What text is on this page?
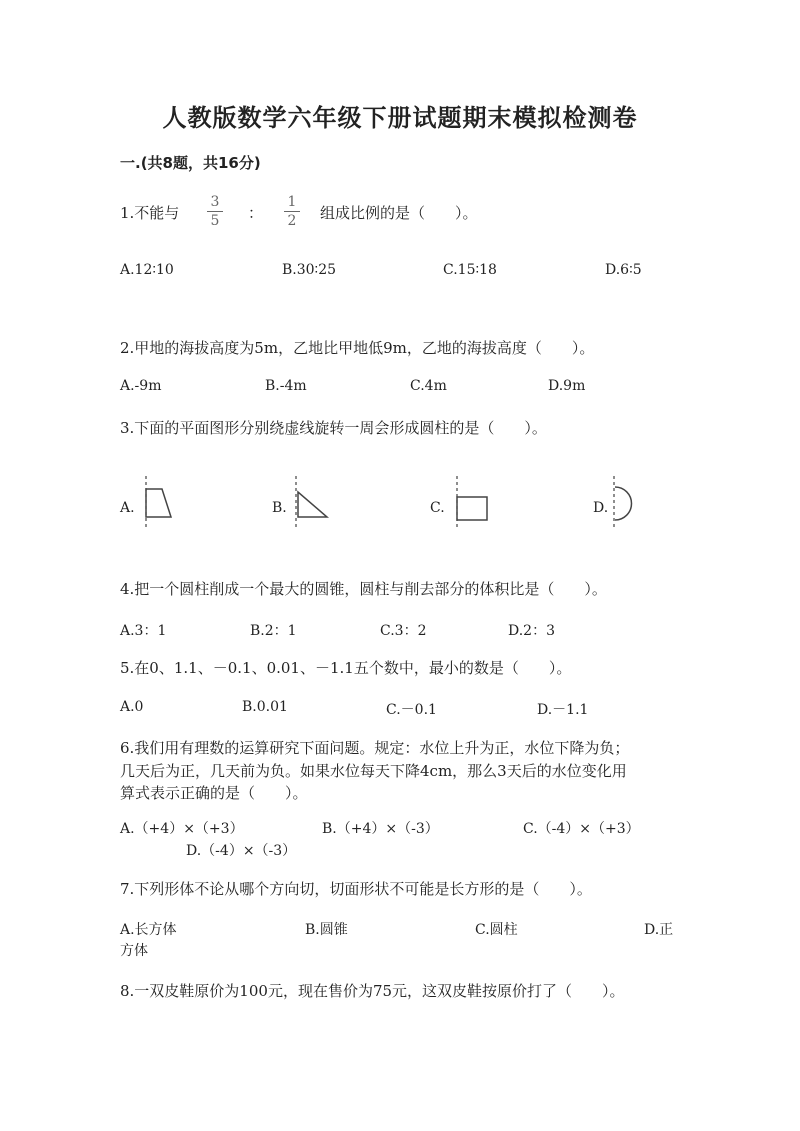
人教版数学六年级下册试题期末模拟检测卷
一.(共8题，共16分)
1.不能与
3
5 ：
1
2 组成比例的是（　　）。
A.12∶10	B.30∶25	C.15∶18	D.6∶5
2.甲地的海拔高度为5m，乙地比甲地低9m，乙地的海拔高度（　　）。
A.-9m	B.-4m	C.4m	D.9m
3.下面的平面图形分别绕虚线旋转一周会形成圆柱的是（　　）。
A.	B.	C.	D.
4.把一个圆柱削成一个最大的圆锥，圆柱与削去部分的体积比是（　　）。
A.3：1	B.2：1	C.3：2	D.2：3
5.在0、1.1、－0.1、0.01、－1.1五个数中，最小的数是（　　）。
A.0	B.0.01	C.－0.1	D.－1.1
6.我们用有理数的运算研究下面问题。规定：水位上升为正，水位下降为负；
几天后为正，几天前为负。如果水位每天下降4cm，那么3天后的水位变化用
算式表示正确的是（　　）。
A.（+4）×（+3）	B.（+4）×（-3）	C.（-4）×（+3）
D.（-4）×（-3）
7.下列形体不论从哪个方向切，切面形状不可能是长方形的是（　　）。
A.长方体	B.圆锥	C.圆柱	D.正
方体
8.一双皮鞋原价为100元，现在售价为75元，这双皮鞋按原价打了（　　）。
